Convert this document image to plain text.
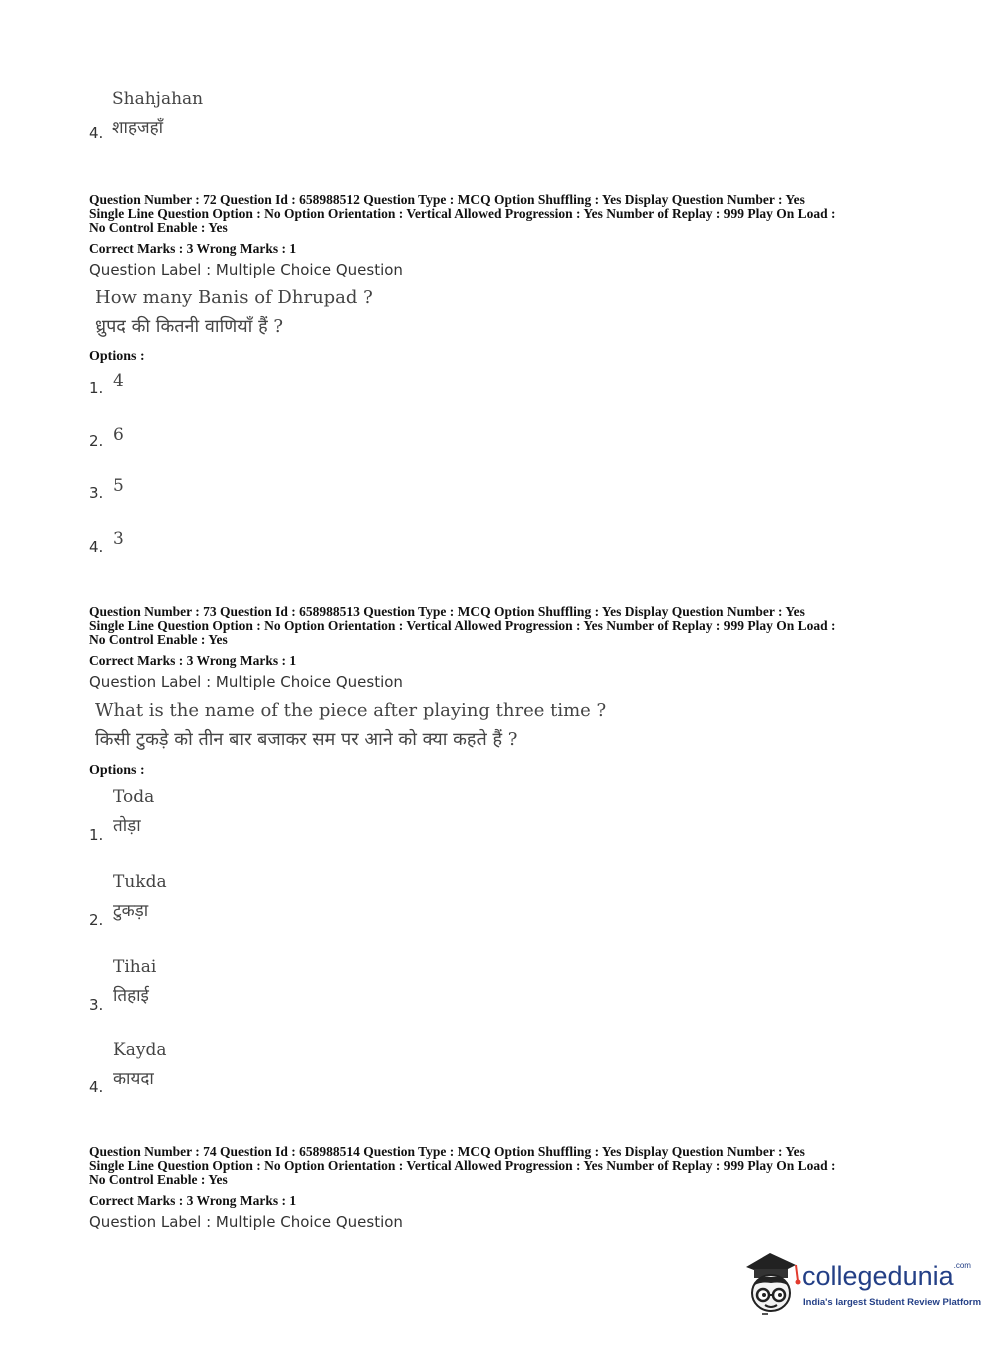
Shahjahan
शाहजहाँ
4.
Question Number : 72 Question Id : 658988512 Question Type : MCQ Option Shuffling : Yes Display Question Number : Yes
Single Line Question Option : No Option Orientation : Vertical Allowed Progression : Yes Number of Replay : 999 Play On Load :
No Control Enable : Yes
Correct Marks : 3 Wrong Marks : 1
Question Label : Multiple Choice Question
How many Banis of Dhrupad ?
ध्रुपद की कितनी वाणियाँ हैं ?
Options :
1. 4
2. 6
3. 5
4. 3
Question Number : 73 Question Id : 658988513 Question Type : MCQ Option Shuffling : Yes Display Question Number : Yes
Single Line Question Option : No Option Orientation : Vertical Allowed Progression : Yes Number of Replay : 999 Play On Load :
No Control Enable : Yes
Correct Marks : 3 Wrong Marks : 1
Question Label : Multiple Choice Question
What is the name of the piece after playing three time ?
किसी टुकड़े को तीन बार बजाकर सम पर आने को क्या कहते हैं ?
Options :
Toda
तोड़ा
1.
Tukda
टुकड़ा
2.
Tihai
तिहाई
3.
Kayda
कायदा
4.
Question Number : 74 Question Id : 658988514 Question Type : MCQ Option Shuffling : Yes Display Question Number : Yes
Single Line Question Option : No Option Orientation : Vertical Allowed Progression : Yes Number of Replay : 999 Play On Load :
No Control Enable : Yes
Correct Marks : 3 Wrong Marks : 1
Question Label : Multiple Choice Question
collegedunia$^{.com}$
India's largest Student Review Platform
